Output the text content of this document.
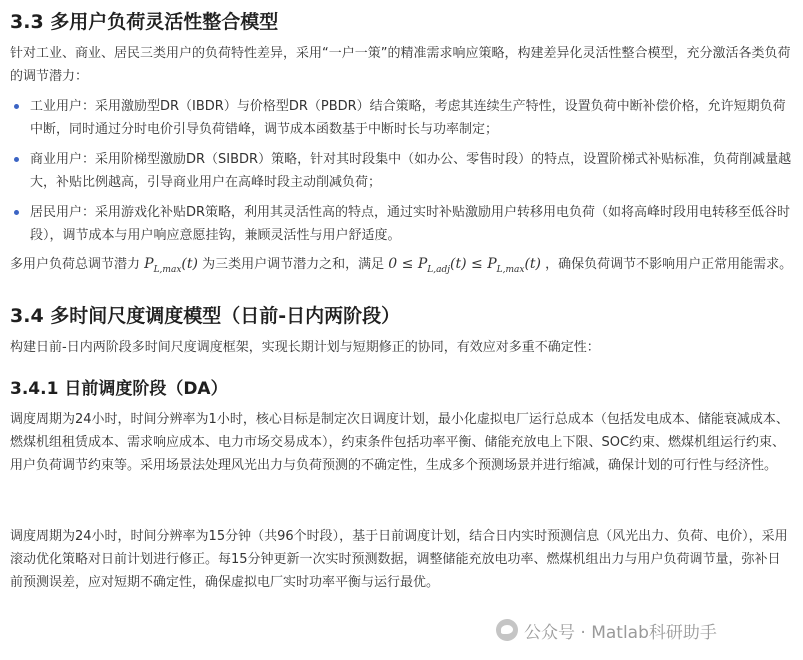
3.3 多用户负荷灵活性整合模型

针对工业、商业、居民三类用户的负荷特性差异，采用“一户一策”的精准需求响应策略，构建差异化灵活性整合模型，充分激活各类负荷的调节潜力：

工业用户：采用激励型DR（IBDR）与价格型DR（PBDR）结合策略，考虑其连续生产特性，设置负荷中断补偿价格，允许短期负荷中断，同时通过分时电价引导负荷错峰，调节成本函数基于中断时长与功率制定；
商业用户：采用阶梯型激励DR（SIBDR）策略，针对其时段集中（如办公、零售时段）的特点，设置阶梯式补贴标准，负荷削减量越大，补贴比例越高，引导商业用户在高峰时段主动削减负荷；
居民用户：采用游戏化补贴DR策略，利用其灵活性高的特点，通过实时补贴激励用户转移用电负荷（如将高峰时段用电转移至低谷时段），调节成本与用户响应意愿挂钩，兼顾灵活性与用户舒适度。

多用户负荷总调节潜力 $P_{L,max}(t)$ 为三类用户调节潜力之和，满足 $0 \le P_{L,adj}(t) \le P_{L,max}(t)$ ，确保负荷调节不影响用户正常用能需求。

3.4 多时间尺度调度模型（日前-日内两阶段）

构建日前-日内两阶段多时间尺度调度框架，实现长期计划与短期修正的协同，有效应对多重不确定性：

3.4.1 日前调度阶段（DA）

调度周期为24小时，时间分辨率为1小时，核心目标是制定次日调度计划，最小化虚拟电厂运行总成本（包括发电成本、储能衰减成本、燃煤机组租赁成本、需求响应成本、电力市场交易成本），约束条件包括功率平衡、储能充放电上下限、SOC约束、燃煤机组运行约束、用户负荷调节约束等。采用场景法处理风光出力与负荷预测的不确定性，生成多个预测场景并进行缩减，确保计划的可行性与经济性。

调度周期为24小时，时间分辨率为15分钟（共96个时段），基于日前调度计划，结合日内实时预测信息（风光出力、负荷、电价），采用滚动优化策略对日前计划进行修正。每15分钟更新一次实时预测数据，调整储能充放电功率、燃煤机组出力与用户负荷调节量，弥补日前预测误差，应对短期不确定性，确保虚拟电厂实时功率平衡与运行最优。

公众号 · Matlab科研助手
